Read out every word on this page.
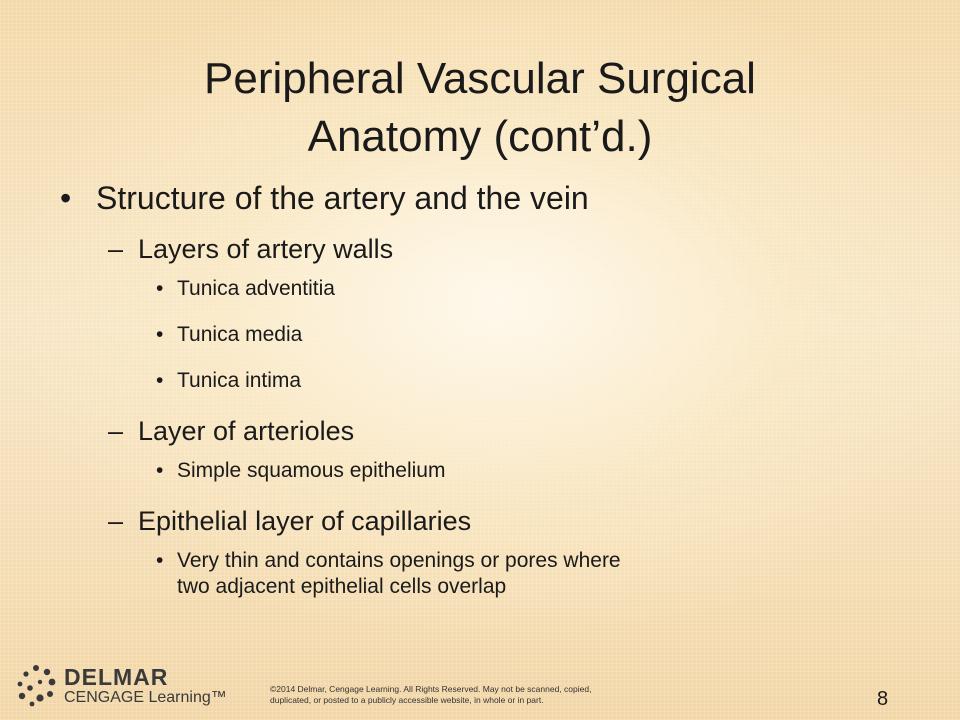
Peripheral Vascular Surgical
Anatomy (cont’d.)
• Structure of the artery and the vein
– Layers of artery walls
• Tunica adventitia
• Tunica media
• Tunica intima
– Layer of arterioles
• Simple squamous epithelium
– Epithelial layer of capillaries
• Very thin and contains openings or pores where
two adjacent epithelial cells overlap
DELMAR
CENGAGE Learning™	©2014 Delmar, Cengage Learning. All Rights Reserved. May not be scanned, copied,
duplicated, or posted to a publicly accessible website, in whole or in part.	8
